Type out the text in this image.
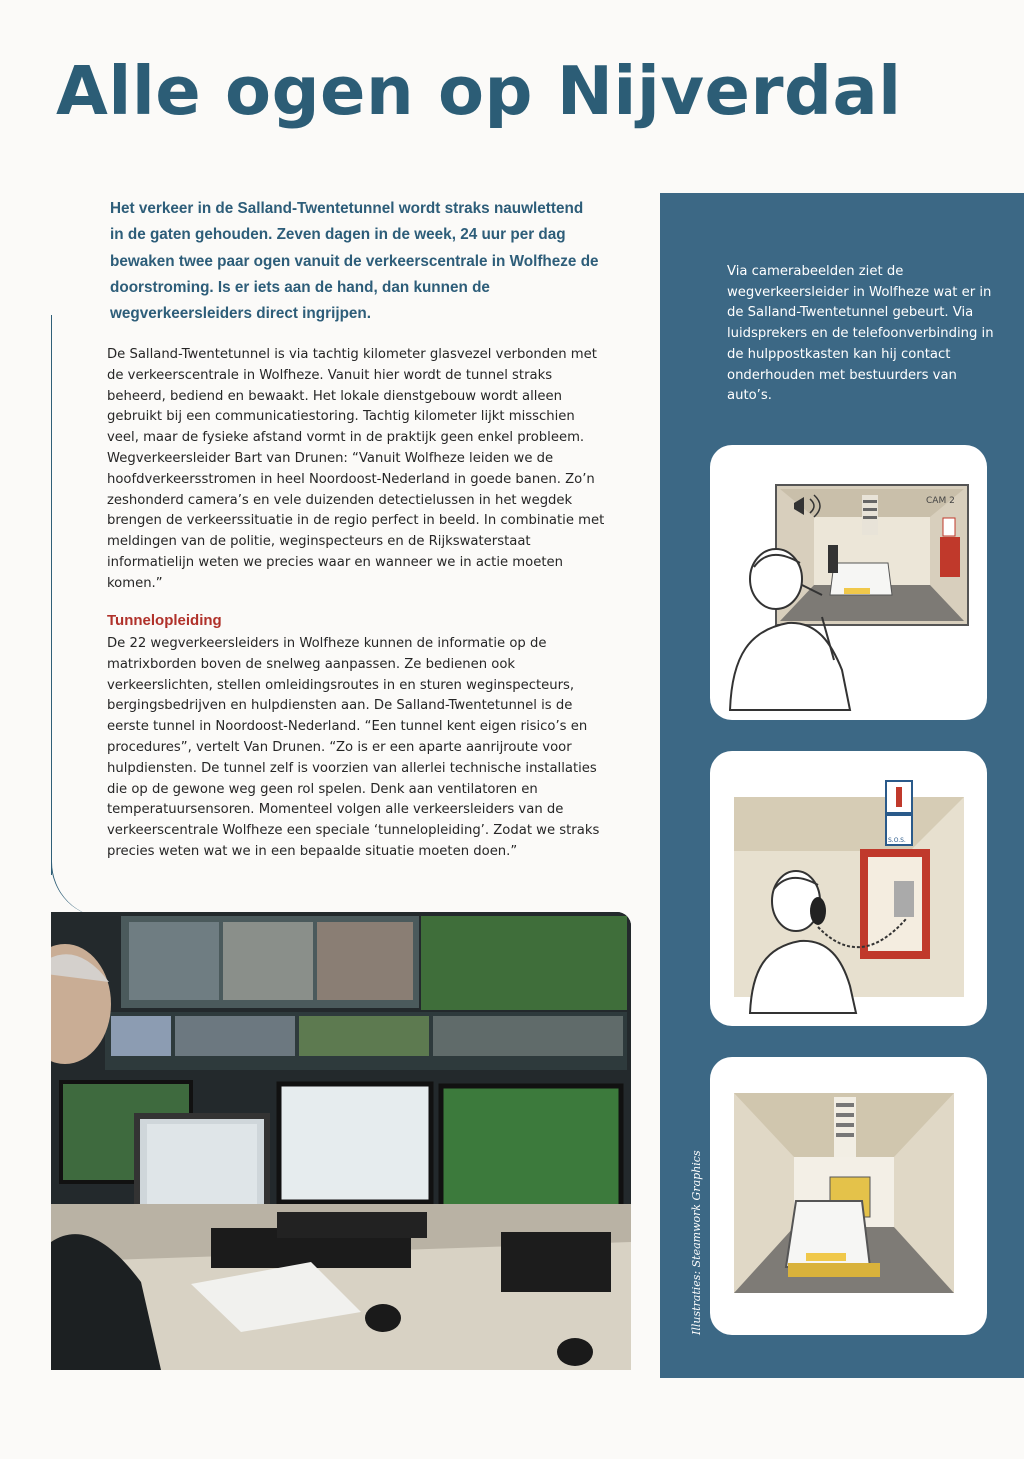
Alle ogen op Nijverdal
Het verkeer in de Salland-Twentetunnel wordt straks nauwlettend in de gaten gehouden. Zeven dagen in de week, 24 uur per dag bewaken twee paar ogen vanuit de verkeerscentrale in Wolfheze de doorstroming. Is er iets aan de hand, dan kunnen de wegverkeersleiders direct ingrijpen.

De Salland-Twentetunnel is via tachtig kilometer glasvezel verbonden met de verkeerscentrale in Wolfheze. Vanuit hier wordt de tunnel straks beheerd, bediend en bewaakt. Het lokale dienstgebouw wordt alleen gebruikt bij een communicatiestoring. Tachtig kilometer lijkt misschien veel, maar de fysieke afstand vormt in de praktijk geen enkel probleem. Wegverkeersleider Bart van Drunen: “Vanuit Wolfheze leiden we de hoofdverkeersstromen in heel Noordoost-Nederland in goede banen. Zo’n zeshonderd camera’s en vele duizenden detectielussen in het wegdek brengen de verkeerssituatie in de regio perfect in beeld. In combinatie met meldingen van de politie, weginspecteurs en de Rijkswaterstaat informatielijn weten we precies waar en wanneer we in actie moeten komen.”

Tunnelopleiding

De 22 wegverkeersleiders in Wolfheze kunnen de informatie op de matrixborden boven de snelweg aanpassen. Ze bedienen ook verkeerslichten, stellen omleidingsroutes in en sturen weginspecteurs, bergingsbedrijven en hulpdiensten aan. De Salland-Twentetunnel is de eerste tunnel in Noordoost-Nederland. “Een tunnel kent eigen risico’s en procedures”, vertelt Van Drunen. “Zo is er een aparte aanrijroute voor hulpdiensten. De tunnel zelf is voorzien van allerlei technische installaties die op de gewone weg geen rol spelen. Denk aan ventilatoren en temperatuursensoren. Momenteel volgen alle verkeersleiders van de verkeerscentrale Wolfheze een speciale ‘tunnelopleiding’. Zodat we straks precies weten wat we in een bepaalde situatie moeten doen.”

Via camerabeelden ziet de wegverkeersleider in Wolfheze wat er in de Salland-Twentetunnel gebeurt. Via luidsprekers en de telefoonverbinding in de hulppostkasten kan hij contact onderhouden met bestuurders van auto’s.

CAM 2
S.O.S.
Illustraties: Steamwork Graphics
